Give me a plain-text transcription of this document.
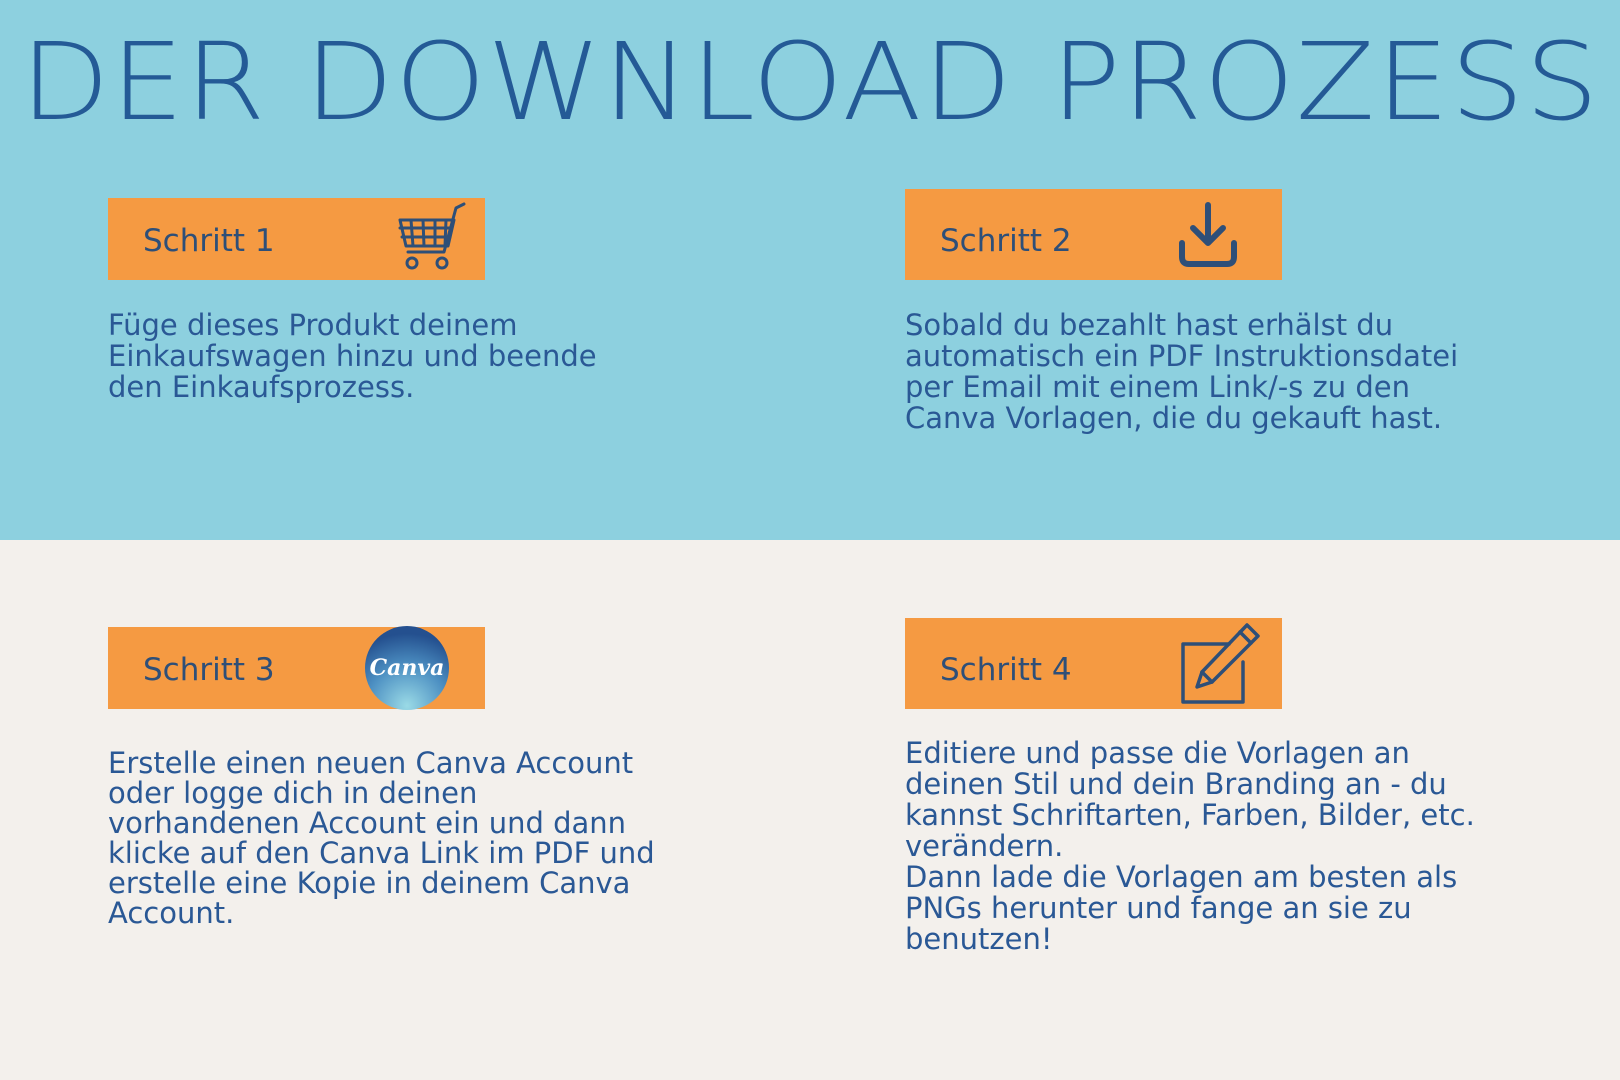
DER DOWNLOAD PROZESS
Schritt 1

Füge dieses Produkt deinem
Einkaufswagen hinzu und beende
den Einkaufsprozess.

Schritt 2

Sobald du bezahlt hast erhälst du
automatisch ein PDF Instruktionsdatei
per Email mit einem Link/-s zu den
Canva Vorlagen, die du gekauft hast.

Schritt 3	Canva

Erstelle einen neuen Canva Account
oder logge dich in deinen
vorhandenen Account ein und dann
klicke auf den Canva Link im PDF und
erstelle eine Kopie in deinem Canva
Account.

Schritt 4

Editiere und passe die Vorlagen an
deinen Stil und dein Branding an - du
kannst Schriftarten, Farben, Bilder, etc.
verändern.
Dann lade die Vorlagen am besten als
PNGs herunter und fange an sie zu
benutzen!
